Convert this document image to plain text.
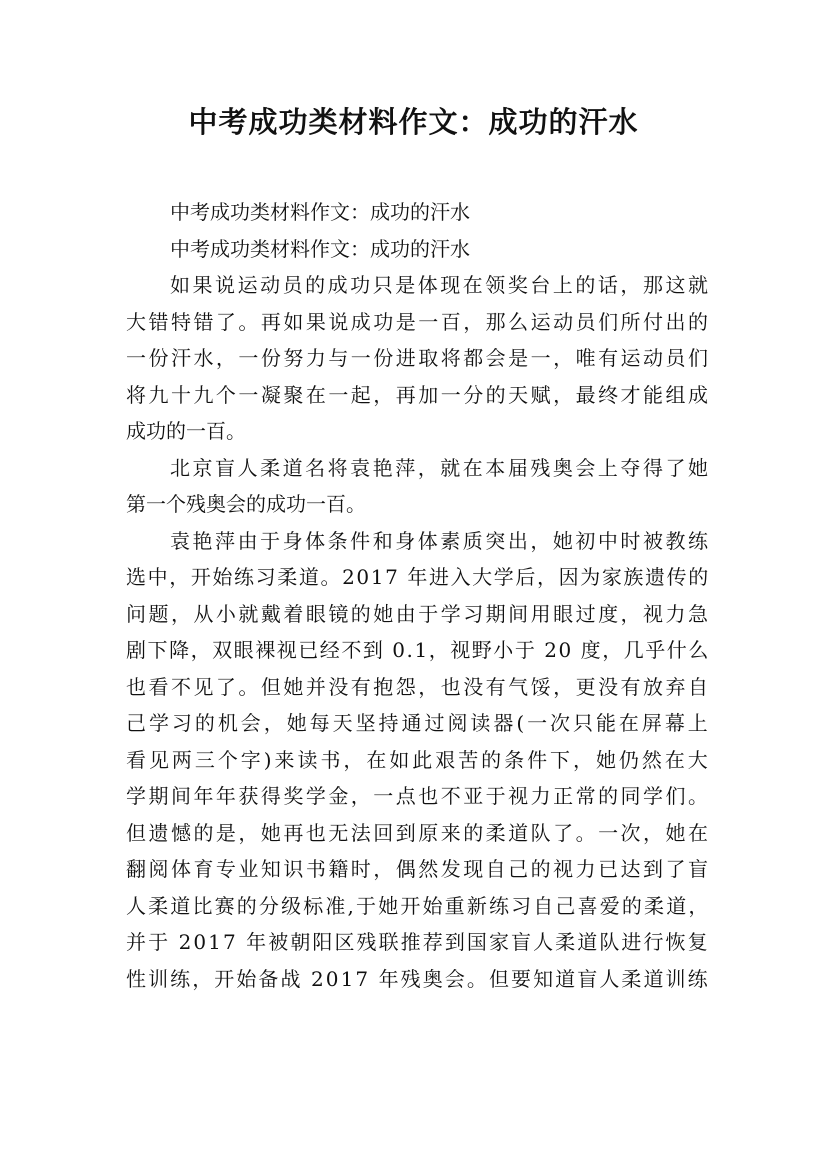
中考成功类材料作文：成功的汗水
中考成功类材料作文：成功的汗水
中考成功类材料作文：成功的汗水
如果说运动员的成功只是体现在领奖台上的话，那这就
大错特错了。再如果说成功是一百，那么运动员们所付出的
一份汗水，一份努力与一份进取将都会是一，唯有运动员们
将九十九个一凝聚在一起，再加一分的天赋，最终才能组成
成功的一百。
北京盲人柔道名将袁艳萍，就在本届残奥会上夺得了她
第一个残奥会的成功一百。
袁艳萍由于身体条件和身体素质突出，她初中时被教练
选中，开始练习柔道。2017 年进入大学后，因为家族遗传的
问题，从小就戴着眼镜的她由于学习期间用眼过度，视力急
剧下降，双眼裸视已经不到 0.1，视野小于 20 度，几乎什么
也看不见了。但她并没有抱怨，也没有气馁，更没有放弃自
己学习的机会，她每天坚持通过阅读器(一次只能在屏幕上
看见两三个字)来读书，在如此艰苦的条件下，她仍然在大
学期间年年获得奖学金，一点也不亚于视力正常的同学们。
但遗憾的是，她再也无法回到原来的柔道队了。一次，她在
翻阅体育专业知识书籍时，偶然发现自己的视力已达到了盲
人柔道比赛的分级标准,于她开始重新练习自己喜爱的柔道，
并于 2017 年被朝阳区残联推荐到国家盲人柔道队进行恢复
性训练，开始备战 2017 年残奥会。但要知道盲人柔道训练
